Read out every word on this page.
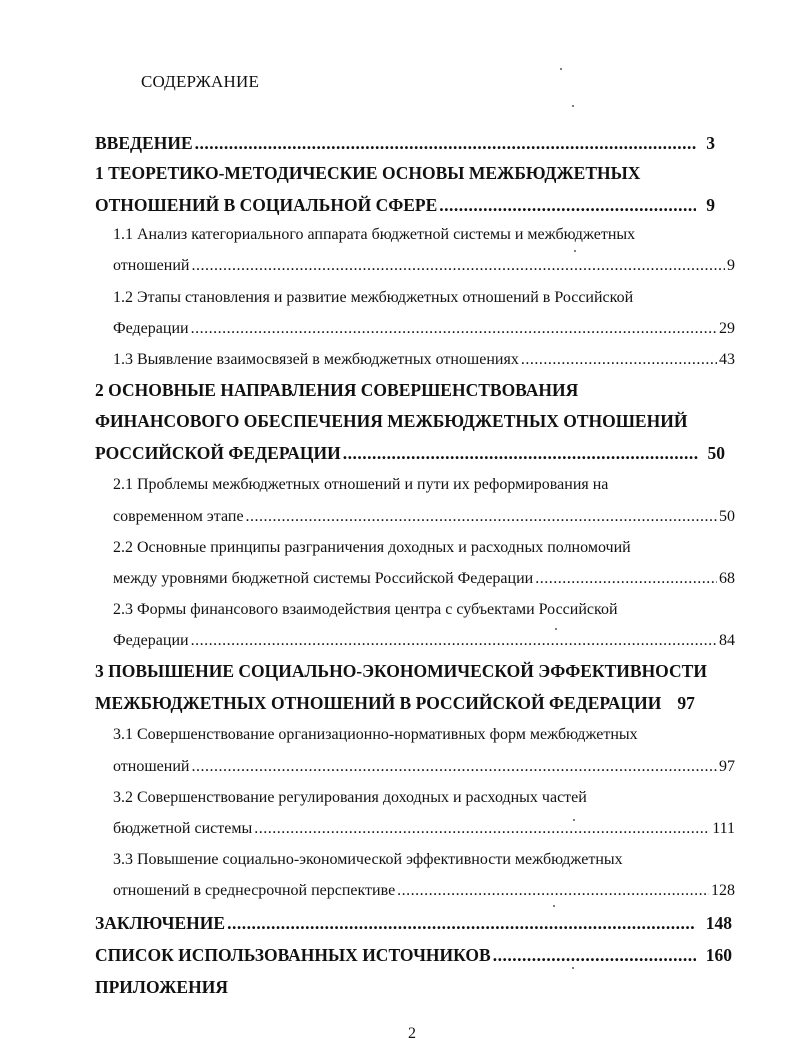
СОДЕРЖАНИЕ
ВВЕДЕНИЕ .....	3
1 ТЕОРЕТИКО-МЕТОДИЧЕСКИЕ ОСНОВЫ МЕЖБЮДЖЕТНЫХ
ОТНОШЕНИЙ В СОЦИАЛЬНОЙ СФЕРЕ .....	9
1.1 Анализ категориального аппарата бюджетной системы и межбюджетных
отношений .....	9
1.2 Этапы становления и развитие межбюджетных отношений в Российской
Федерации .....	29
1.3 Выявление взаимосвязей в межбюджетных отношениях .....	43
2 ОСНОВНЫЕ НАПРАВЛЕНИЯ СОВЕРШЕНСТВОВАНИЯ
ФИНАНСОВОГО ОБЕСПЕЧЕНИЯ МЕЖБЮДЖЕТНЫХ ОТНОШЕНИЙ
РОССИЙСКОЙ ФЕДЕРАЦИИ .....	50
2.1 Проблемы межбюджетных отношений и пути их реформирования на
современном этапе .....	50
2.2 Основные принципы разграничения доходных и расходных полномочий
между уровнями бюджетной системы Российской Федерации .....	68
2.3 Формы финансового взаимодействия центра с субъектами Российской
Федерации .....	84
3 ПОВЫШЕНИЕ СОЦИАЛЬНО-ЭКОНОМИЧЕСКОЙ ЭФФЕКТИВНОСТИ
МЕЖБЮДЖЕТНЫХ ОТНОШЕНИЙ В РОССИЙСКОЙ ФЕДЕРАЦИИ 97
3.1 Совершенствование организационно-нормативных форм межбюджетных
отношений .....	97
3.2 Совершенствование регулирования доходных и расходных частей
бюджетной системы .....	111
3.3 Повышение социально-экономической эффективности межбюджетных
отношений в среднесрочной перспективе .....	128
ЗАКЛЮЧЕНИЕ .....	148
СПИСОК ИСПОЛЬЗОВАННЫХ ИСТОЧНИКОВ .....	160
ПРИЛОЖЕНИЯ
2
